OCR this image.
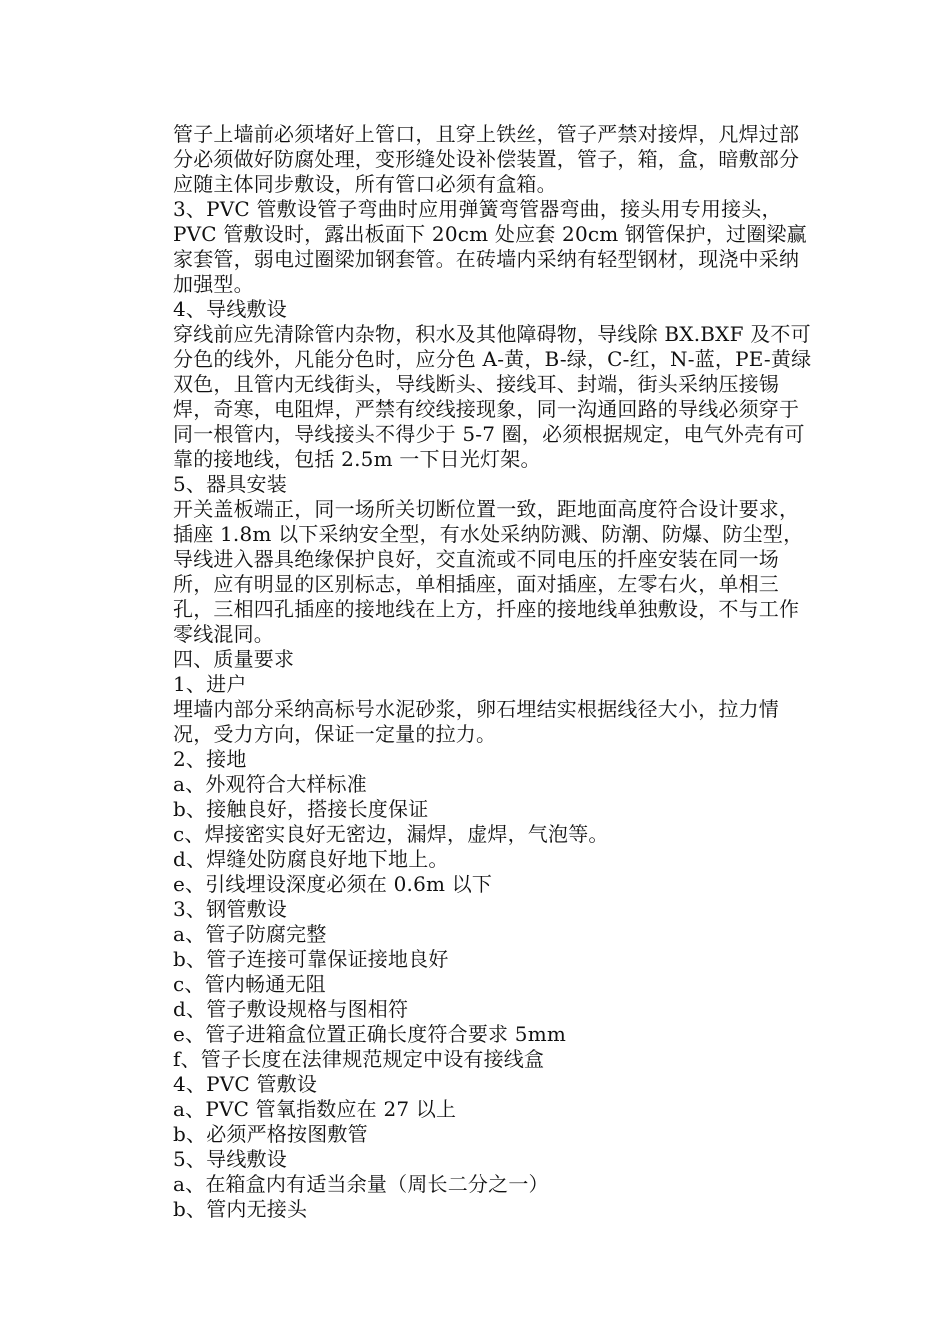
管子上墙前必须堵好上管口，且穿上铁丝，管子严禁对接焊，凡焊过部分必须做好防腐处理，变形缝处设补偿装置，管子，箱，盒，暗敷部分应随主体同步敷设，所有管口必须有盒箱。

3、PVC 管敷设管子弯曲时应用弹簧弯管器弯曲，接头用专用接头，PVC 管敷设时，露出板面下 20cm 处应套 20cm 钢管保护，过圈梁赢家套管，弱电过圈梁加钢套管。在砖墙内采纳有轻型钢材，现浇中采纳加强型。

4、导线敷设

穿线前应先清除管内杂物，积水及其他障碍物，导线除 BX.BXF 及不可分色的线外，凡能分色时，应分色 A-黄，B-绿，C-红，N-蓝，PE-黄绿双色，且管内无线街头，导线断头、接线耳、封端，街头采纳压接锡焊，奇寒，电阻焊，严禁有绞线接现象，同一沟通回路的导线必须穿于同一根管内，导线接头不得少于 5-7 圈，必须根据规定，电气外壳有可靠的接地线，包括 2.5m 一下日光灯架。

5、器具安装

开关盖板端正，同一场所关切断位置一致，距地面高度符合设计要求，插座 1.8m 以下采纳安全型，有水处采纳防溅、防潮、防爆、防尘型，导线进入器具绝缘保护良好，交直流或不同电压的扦座安装在同一场所，应有明显的区别标志，单相插座，面对插座，左零右火，单相三孔，三相四孔插座的接地线在上方，扦座的接地线单独敷设，不与工作零线混同。

四、质量要求

1、进户

埋墙内部分采纳高标号水泥砂浆，卵石埋结实根据线径大小，拉力情况，受力方向，保证一定量的拉力。

2、接地

a、外观符合大样标准

b、接触良好，搭接长度保证

c、焊接密实良好无密边，漏焊，虚焊，气泡等。

d、焊缝处防腐良好地下地上。

e、引线埋设深度必须在 0.6m 以下

3、钢管敷设

a、管子防腐完整

b、管子连接可靠保证接地良好

c、管内畅通无阻

d、管子敷设规格与图相符

e、管子进箱盒位置正确长度符合要求 5mm

f、管子长度在法律规范规定中设有接线盒

4、PVC 管敷设

a、PVC 管氧指数应在 27 以上

b、必须严格按图敷管

5、导线敷设

a、在箱盒内有适当余量（周长二分之一）

b、管内无接头
